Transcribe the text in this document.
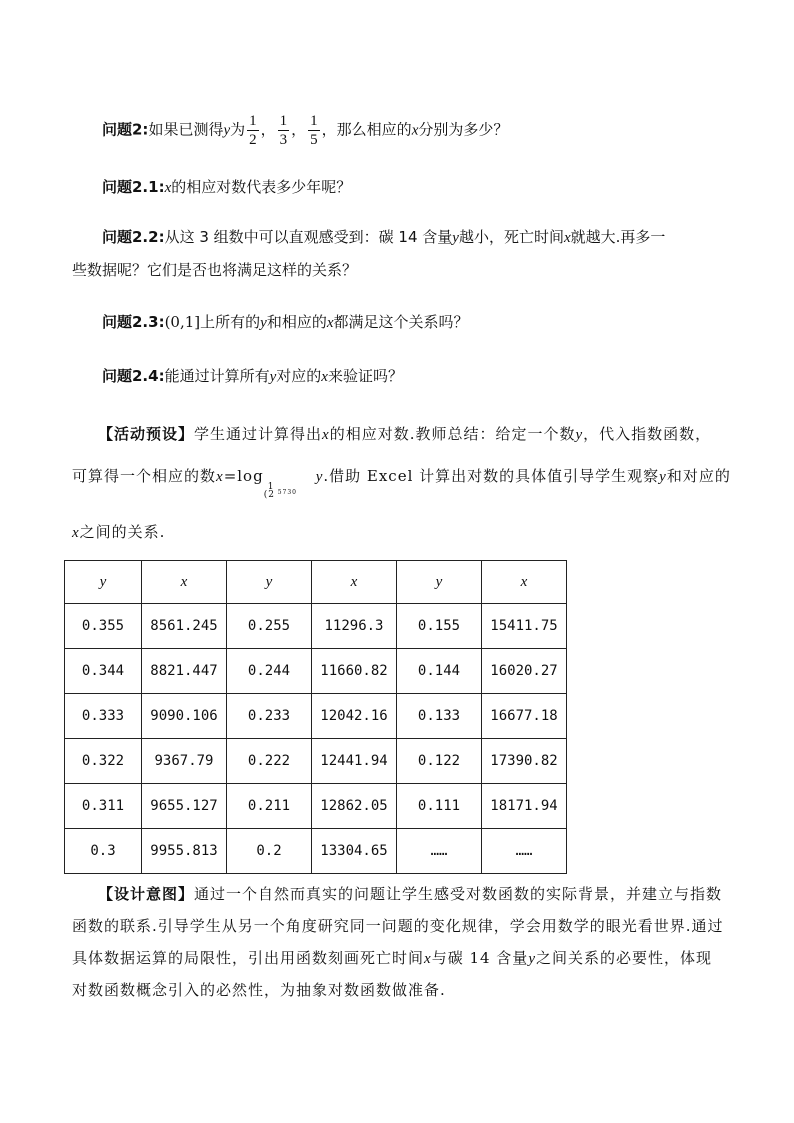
问题2:如果已测得y为 $\frac{1}{2}$ ， $\frac{1}{3}$ ， $\frac{1}{5}$ ，那么相应的x分别为多少？
问题2.1:x的相应对数代表多少年呢？
问题2.2:从这 3 组数中可以直观感受到：碳 14 含量y越小，死亡时间x就越大.再多一
些数据呢？它们是否也将满足这样的关系？
问题2.3:(0,1]上所有的y和相应的x都满足这个关系吗？
问题2.4:能通过计算所有y对应的x来验证吗？
【活动预设】学生通过计算得出x的相应对数.教师总结：给定一个数y，代入指数函数，
可算得一个相应的数x=log
1
(2 5730
y.借助 Excel 计算出对数的具体值引导学生观察y和对应的
x之间的关系.
y	x	y	x	y	x
0.355	8561.245	0.255	11296.3	0.155	15411.75
0.344	8821.447	0.244	11660.82	0.144	16020.27
0.333	9090.106	0.233	12042.16	0.133	16677.18
0.322	9367.79	0.222	12441.94	0.122	17390.82
0.311	9655.127	0.211	12862.05	0.111	18171.94
0.3	9955.813	0.2	13304.65	……	……
【设计意图】通过一个自然而真实的问题让学生感受对数函数的实际背景，并建立与指数
函数的联系.引导学生从另一个角度研究同一问题的变化规律，学会用数学的眼光看世界.通过
具体数据运算的局限性，引出用函数刻画死亡时间x与碳 14 含量y之间关系的必要性，体现
对数函数概念引入的必然性，为抽象对数函数做准备.
